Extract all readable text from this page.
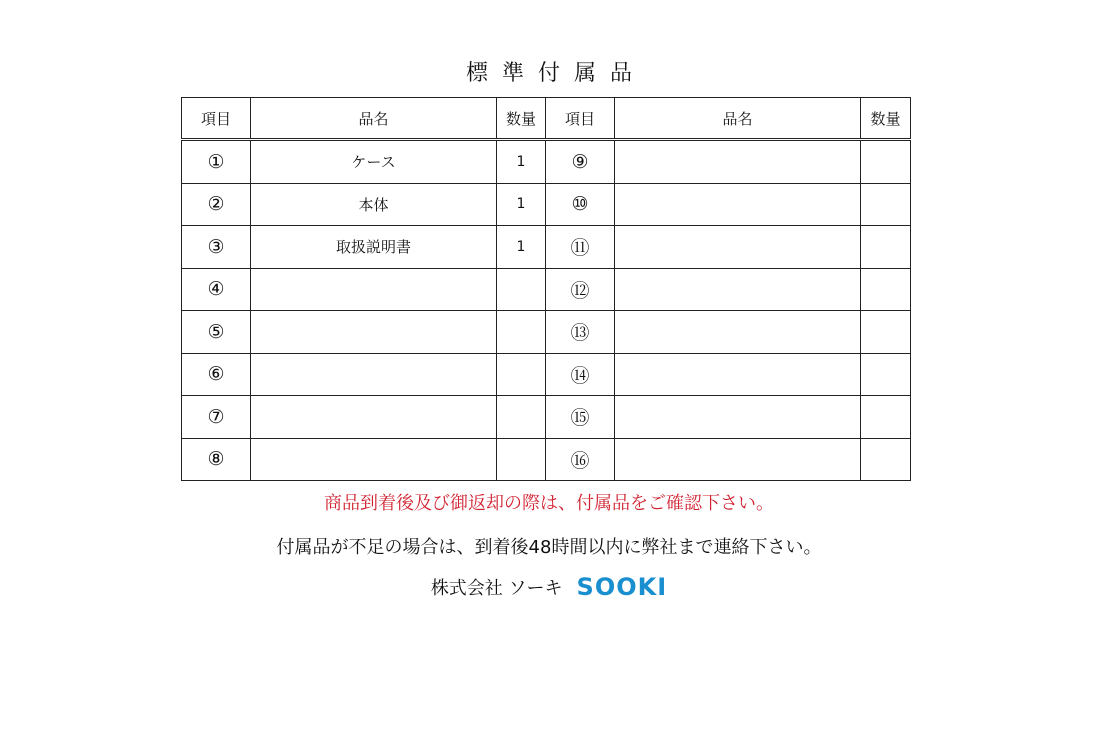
標準付属品
項目	品名	数量	項目	品名	数量
①	ケース	1	⑨		
②	本体	1	⑩		
③	取扱説明書	1	⑪		
④			⑫		
⑤			⑬		
⑥			⑭		
⑦			⑮		
⑧			⑯		
商品到着後及び御返却の際は、付属品をご確認下さい。
付属品が不足の場合は、到着後48時間以内に弊社まで連絡下さい。
株式会社 ソーキ SOOKI
